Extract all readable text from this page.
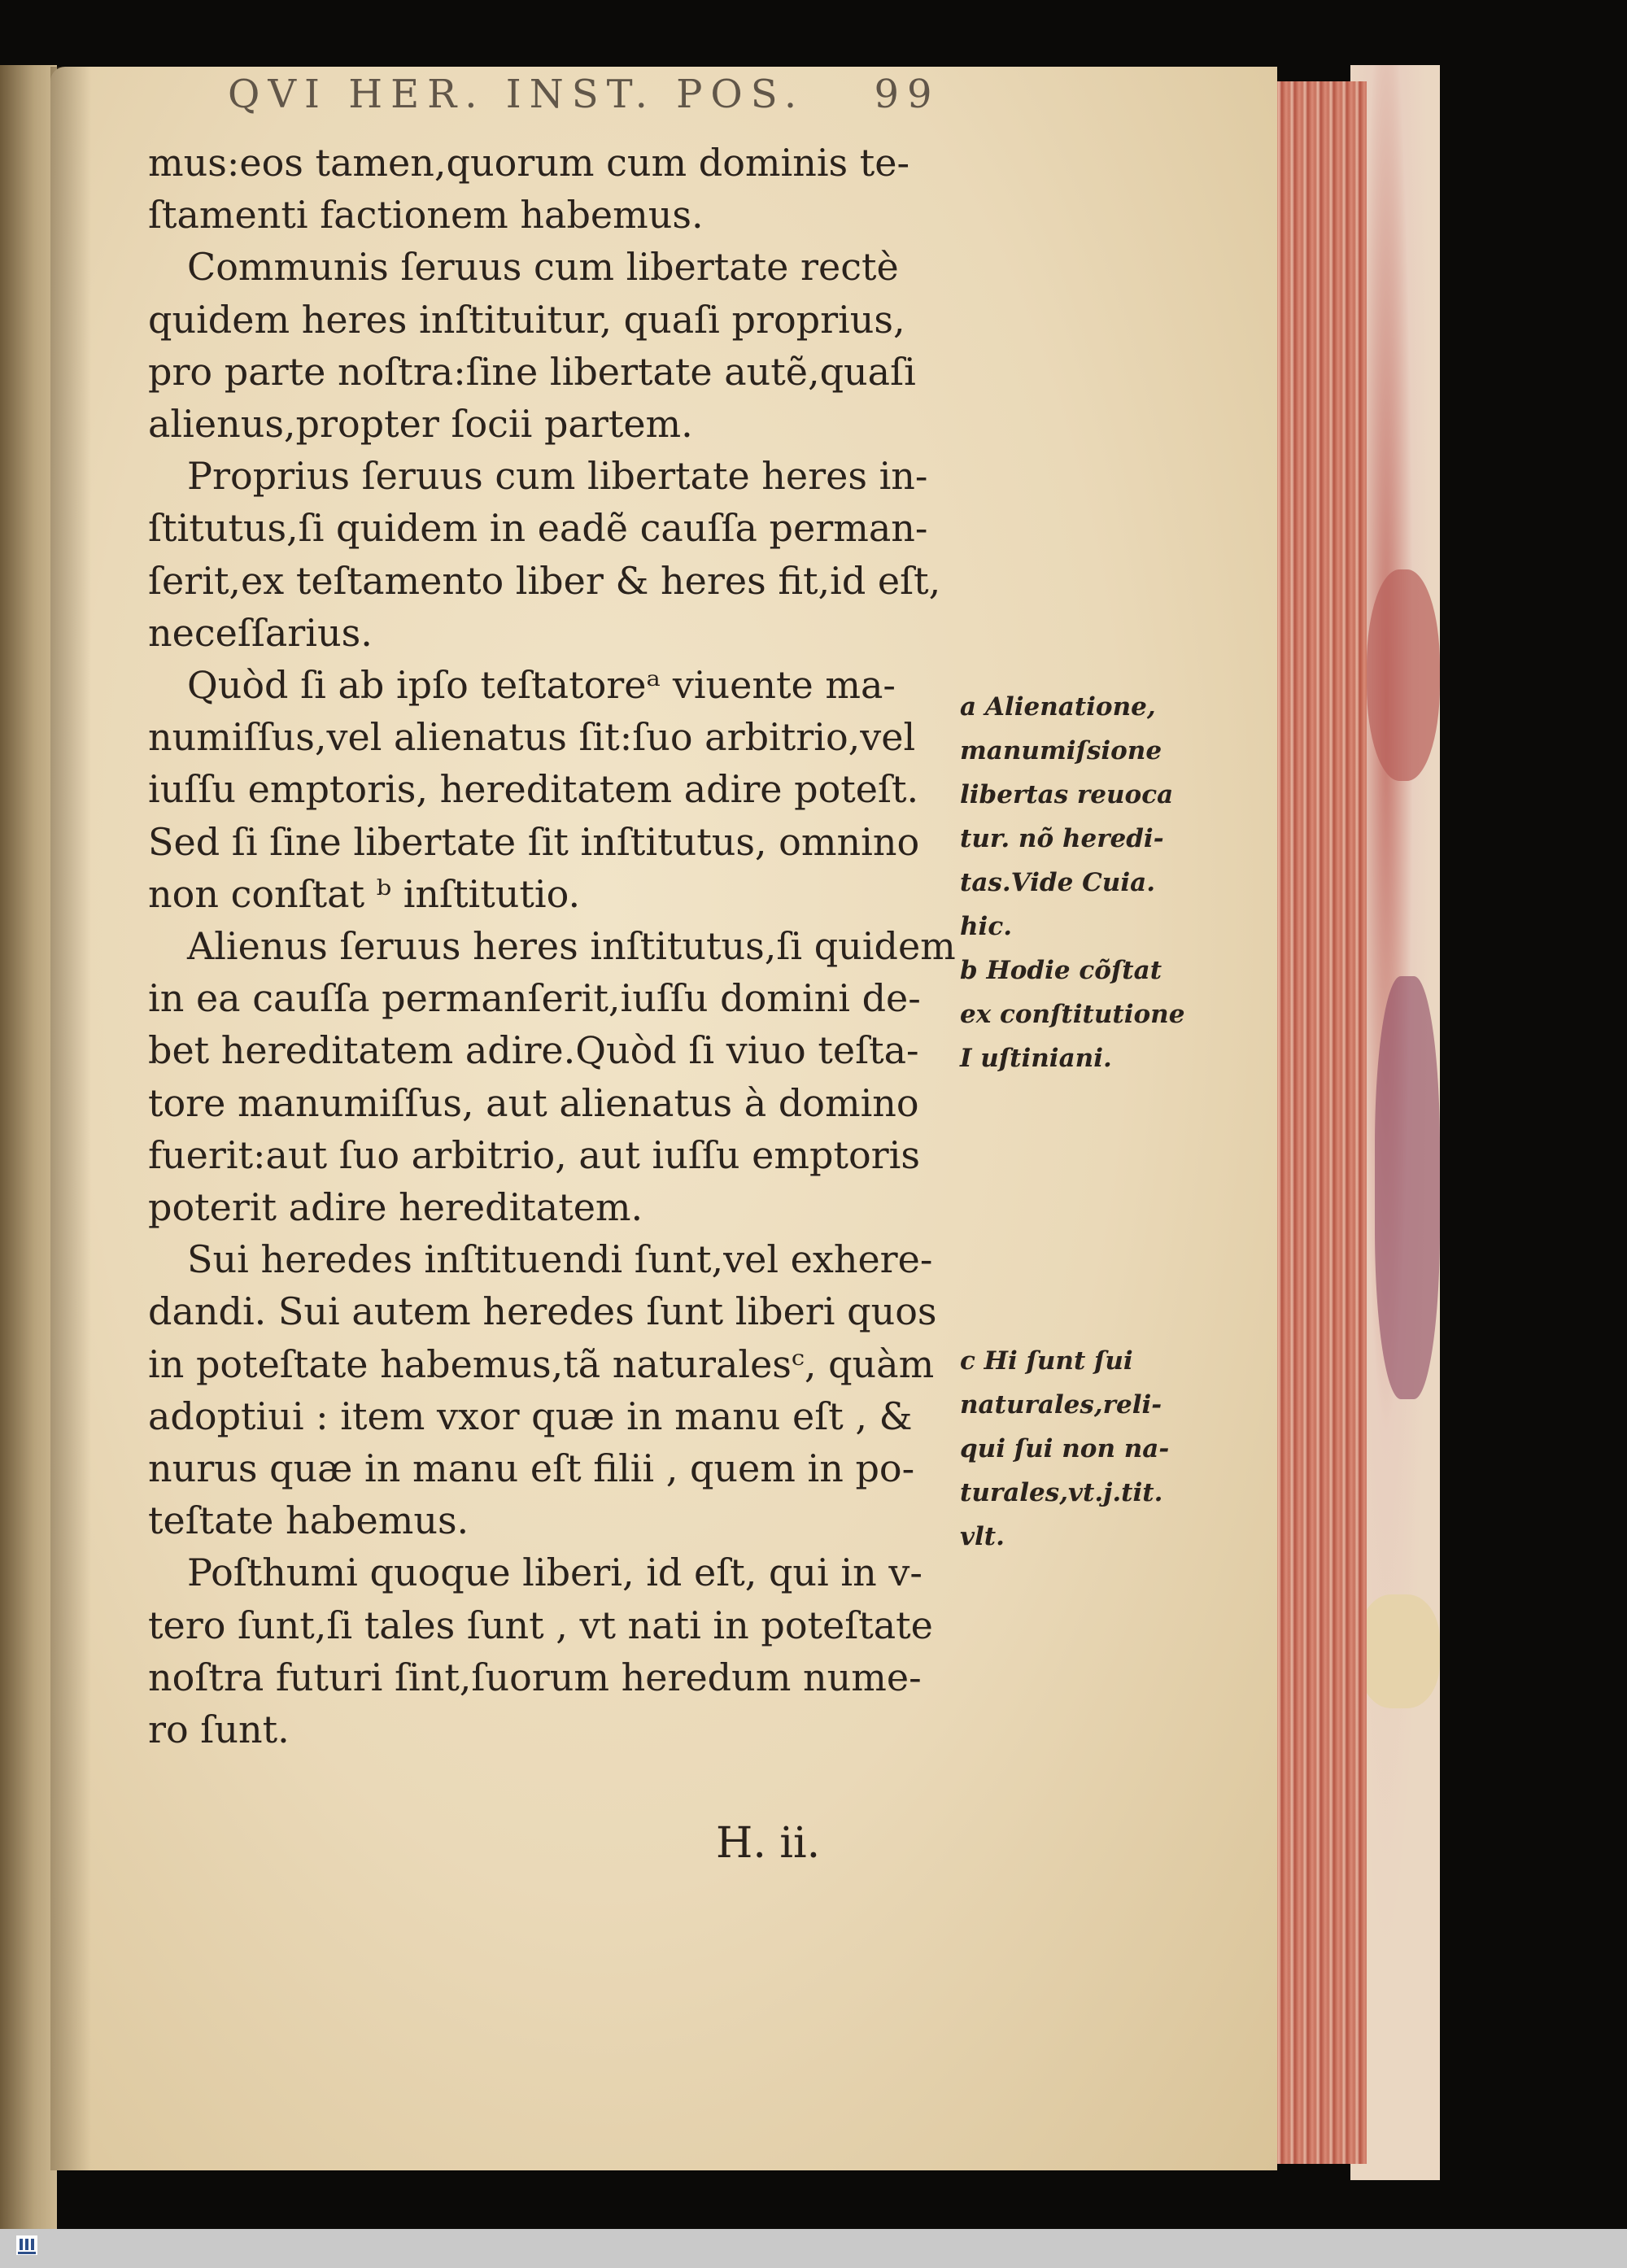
QVI HER. INST. POS. 99

mus:eos tamen,quorum cum dominis te-
ſtamenti factionem habemus.

Communis ſeruus cum libertate rectè
quidem heres inſtituitur, quaſi proprius,
pro parte noſtra:ſine libertate autẽ,quaſi
alienus,propter ſocii partem.

Proprius ſeruus cum libertate heres in-
ſtitutus,ſi quidem in eadẽ cauſſa perman-
ſerit,ex teſtamento liber & heres fit,id eſt,
neceſſarius.

Quòd ſi ab ipſo teſtatoreᵃ viuente ma-
numiſſus,vel alienatus ſit:ſuo arbitrio,vel
iuſſu emptoris, hereditatem adire poteſt.
Sed ſi ſine libertate ſit inſtitutus, omnino
non conſtat ᵇ inſtitutio.

Alienus ſeruus heres inſtitutus,ſi quidem
in ea cauſſa permanſerit,iuſſu domini de-
bet hereditatem adire.Quòd ſi viuo teſta-
tore manumiſſus, aut alienatus à domino
fuerit:aut ſuo arbitrio, aut iuſſu emptoris
poterit adire hereditatem.

Sui heredes inſtituendi ſunt,vel exhere-
dandi. Sui autem heredes ſunt liberi quos
in poteſtate habemus,tã naturalesᶜ, quàm
adoptiui : item vxor quæ in manu eſt , &
nurus quæ in manu eſt filii , quem in po-
teſtate habemus.

Poſthumi quoque liberi, id eſt, qui in v-
tero ſunt,ſi tales ſunt , vt nati in poteſtate
noſtra futuri ſint,ſuorum heredum nume-
ro ſunt.

a Alienatione,
manumiſsione
libertas reuoca
tur. nõ heredi-
tas.Vide Cuia.
hic.
b Hodie cõſtat
ex conſtitutione
I uſtiniani.
c Hi ſunt ſui
naturales,reli-
qui ſui non na-
turales,vt.j.tit.
vlt.
H. ii.
